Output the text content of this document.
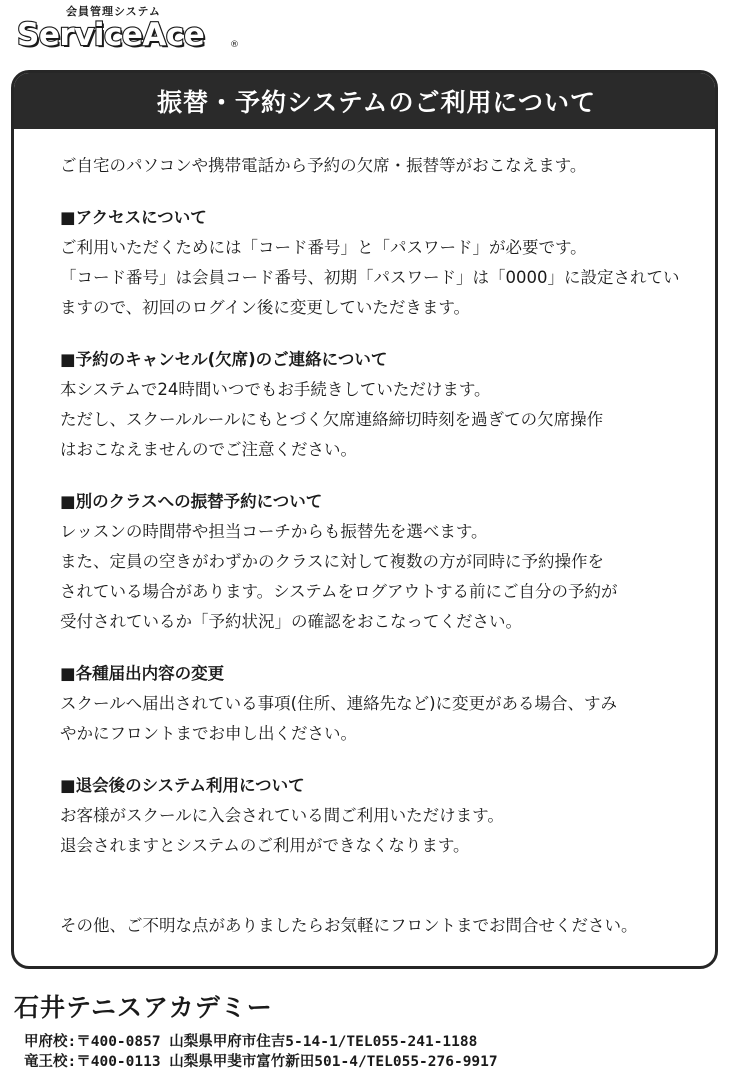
会員管理システム
ServiceAce	®
振替・予約システムのご利用について

ご自宅のパソコンや携帯電話から予約の欠席・振替等がおこなえます。

■アクセスについて
ご利用いただくためには「コード番号」と「パスワード」が必要です。
「コード番号」は会員コード番号、初期「パスワード」は「0000」に設定されてい
ますので、初回のログイン後に変更していただきます。
■予約のキャンセル(欠席)のご連絡について
本システムで24時間いつでもお手続きしていただけます。
ただし、スクールルールにもとづく欠席連絡締切時刻を過ぎての欠席操作
はおこなえませんのでご注意ください。
■別のクラスへの振替予約について
レッスンの時間帯や担当コーチからも振替先を選べます。
また、定員の空きがわずかのクラスに対して複数の方が同時に予約操作を
されている場合があります。システムをログアウトする前にご自分の予約が
受付されているか「予約状況」の確認をおこなってください。
■各種届出内容の変更
スクールへ届出されている事項(住所、連絡先など)に変更がある場合、すみ
やかにフロントまでお申し出ください。
■退会後のシステム利用について
お客様がスクールに入会されている間ご利用いただけます。
退会されますとシステムのご利用ができなくなります。

その他、ご不明な点がありましたらお気軽にフロントまでお問合せください。

石井テニスアカデミー
甲府校:〒400-0857 山梨県甲府市住吉5-14-1/TEL055-241-1188
竜王校:〒400-0113 山梨県甲斐市富竹新田501-4/TEL055-276-9917
